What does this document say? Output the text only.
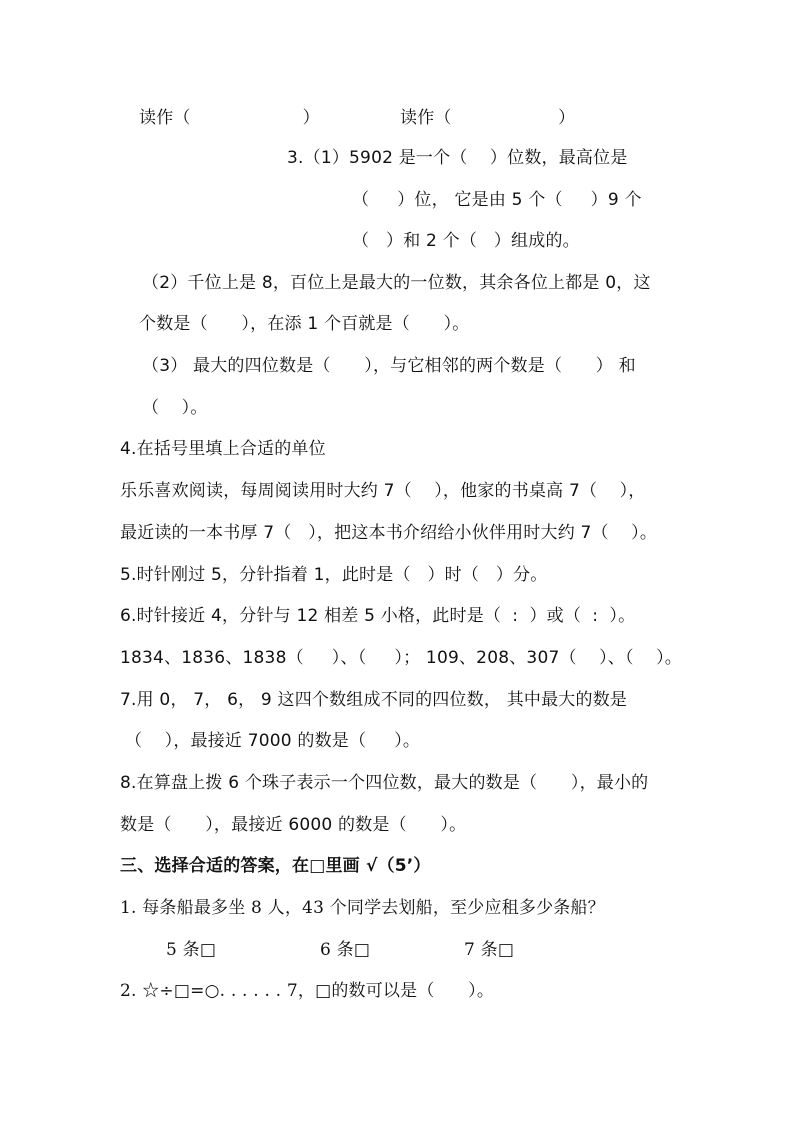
读作（                    ）	读作（                   ）
3.（1）5902 是一个（    ）位数，最高位是
（     ）位， 它是由 5 个（     ）9 个
（   ）和 2 个（   ）组成的。
（2）千位上是 8，百位上是最大的一位数，其余各位上都是 0，这
个数是（      ），在添 1 个百就是（      ）。
（3） 最大的四位数是（      ），与它相邻的两个数是（      ） 和
（    ）。
4.在括号里填上合适的单位
乐乐喜欢阅读，每周阅读用时大约 7（    ），他家的书桌高 7（    ），
最近读的一本书厚 7（   ），把这本书介绍给小伙伴用时大约 7（    ）。
5.时针刚过 5，分针指着 1，此时是（   ）时（   ）分。
6.时针接近 4，分针与 12 相差 5 小格，此时是（  :  ）或（  :  ）。
1834、1836、1838（     ）、（     ）； 109、208、307（    ）、（    ）。
7.用 0， 7， 6， 9 这四个数组成不同的四位数， 其中最大的数是
（    ），最接近 7000 的数是（     ）。
8.在算盘上拨 6 个珠子表示一个四位数，最大的数是（      ），最小的
数是（      ），最接近 6000 的数是（      ）。
三、选择合适的答案，在□里画 √（5’）
1. 每条船最多坐 8 人，43 个同学去划船，至少应租多少条船？
5 条□	6 条□	7 条□
2. ☆÷□=○. . . . . . 7，□的数可以是（      ）。
